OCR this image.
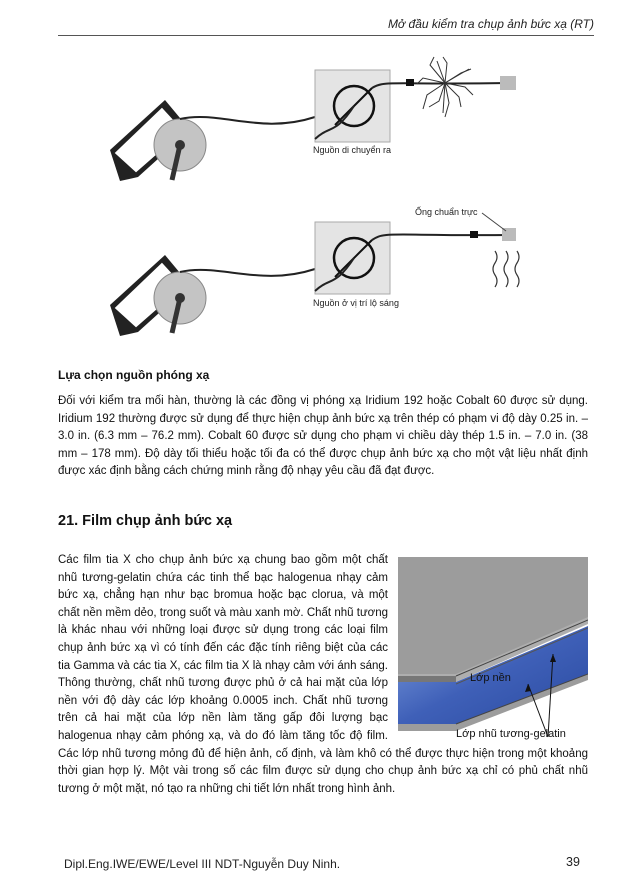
Mở đầu kiểm tra chụp ảnh bức xạ (RT)
Nguồn di chuyển ra
Ống chuẩn trực
Nguồn ở vị trí lộ sáng
Lựa chọn nguồn phóng xạ

Đối với kiểm tra mối hàn, thường là các đồng vị phóng xạ Iridium 192 hoặc Cobalt 60 được sử dụng. Iridium 192 thường được sử dụng để thực hiện chụp ảnh bức xạ trên thép có phạm vi độ dày 0.25 in. – 3.0 in. (6.3 mm – 76.2 mm). Cobalt 60 được sử dụng cho phạm vi chiều dày thép 1.5 in. – 7.0 in. (38 mm – 178 mm). Độ dày tối thiểu hoặc tối đa có thể được chụp ảnh bức xạ cho một vật liệu nhất định được xác định bằng cách chứng minh rằng độ nhạy yêu cầu đã đạt được.

21. Film chụp ảnh bức xạ
Lớp nền
Lớp nhũ tương-gelatin
Các film tia X cho chụp ảnh bức xạ chung bao gồm một chất nhũ tương-gelatin chứa các tinh thể bạc halogenua nhạy cảm bức xạ, chẳng hạn như bạc bromua hoặc bạc clorua, và một chất nền mềm dẻo, trong suốt và màu xanh mờ. Chất nhũ tương là khác nhau với những loại được sử dụng trong các loại film chụp ảnh bức xạ vì có tính đến các đặc tính riêng biệt của các tia Gamma và các tia X, các film tia X là nhạy cảm với ánh sáng. Thông thường, chất nhũ tương được phủ ở cả hai mặt của lớp nền với độ dày các lớp khoảng 0.0005 inch. Chất nhũ tương trên cả hai mặt của lớp nền làm tăng gấp đôi lượng bạc halogenua nhạy cảm phóng xạ, và do đó làm tăng tốc độ film. Các lớp nhũ tương mỏng đủ để hiện ảnh, cố định, và làm khô có thể được thực hiện trong một khoảng thời gian hợp lý. Một vài trong số các film được sử dụng cho chụp ảnh bức xạ chỉ có phủ chất nhũ tương ở một mặt, nó tạo ra những chi tiết lớn nhất trong hình ảnh.
Dipl.Eng.IWE/EWE/Level III NDT-Nguyễn Duy Ninh.	39
